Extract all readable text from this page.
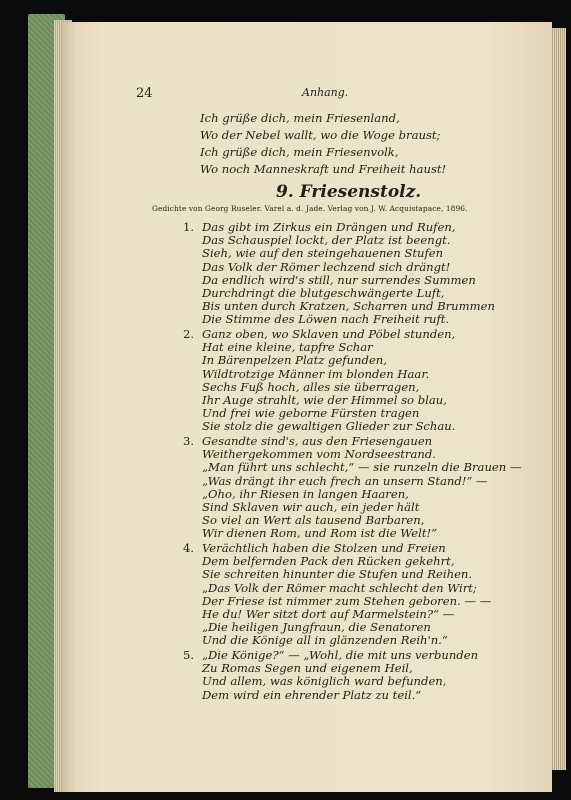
24	Anhang.
Ich grüße dich, mein Friesenland,
Wo der Nebel wallt, wo die Woge braust;
Ich grüße dich, mein Friesenvolk,
Wo noch Manneskraft und Freiheit haust!
9. Friesenstolz.
Gedichte von Georg Ruseler. Varel a. d. Jade. Verlag von J. W. Acquistapace, 1896.
1. Das gibt im Zirkus ein Drängen und Rufen,
Das Schauspiel lockt, der Platz ist beengt.
Sieh, wie auf den steingehauenen Stufen
Das Volk der Römer lechzend sich drängt!
Da endlich wird's still, nur surrendes Summen
Durchdringt die blutgeschwängerte Luft,
Bis unten durch Kratzen, Scharren und Brummen
Die Stimme des Löwen nach Freiheit ruft.
2. Ganz oben, wo Sklaven und Pöbel stunden,
Hat eine kleine, tapfre Schar
In Bärenpelzen Platz gefunden,
Wildtrotzige Männer im blonden Haar.
Sechs Fuß hoch, alles sie überragen,
Ihr Auge strahlt, wie der Himmel so blau,
Und frei wie geborne Fürsten tragen
Sie stolz die gewaltigen Glieder zur Schau.
3. Gesandte sind's, aus den Friesengauen
Weithergekommen vom Nordseestrand.
„Man führt uns schlecht,“ — sie runzeln die Brauen —
„Was drängt ihr euch frech an unsern Stand!“ —
„Oho, ihr Riesen in langen Haaren,
Sind Sklaven wir auch, ein jeder hält
So viel an Wert als tausend Barbaren,
Wir dienen Rom, und Rom ist die Welt!“
4. Verächtlich haben die Stolzen und Freien
Dem belfernden Pack den Rücken gekehrt,
Sie schreiten hinunter die Stufen und Reihen.
„Das Volk der Römer macht schlecht den Wirt;
Der Friese ist nimmer zum Stehen geboren. — —
He du! Wer sitzt dort auf Marmelstein?“ —
„Die heiligen Jungfraun, die Senatoren
Und die Könige all in glänzenden Reih'n.“
5. „Die Könige?“ — „Wohl, die mit uns verbunden
Zu Romas Segen und eigenem Heil,
Und allem, was königlich ward befunden,
Dem wird ein ehrender Platz zu teil.“
